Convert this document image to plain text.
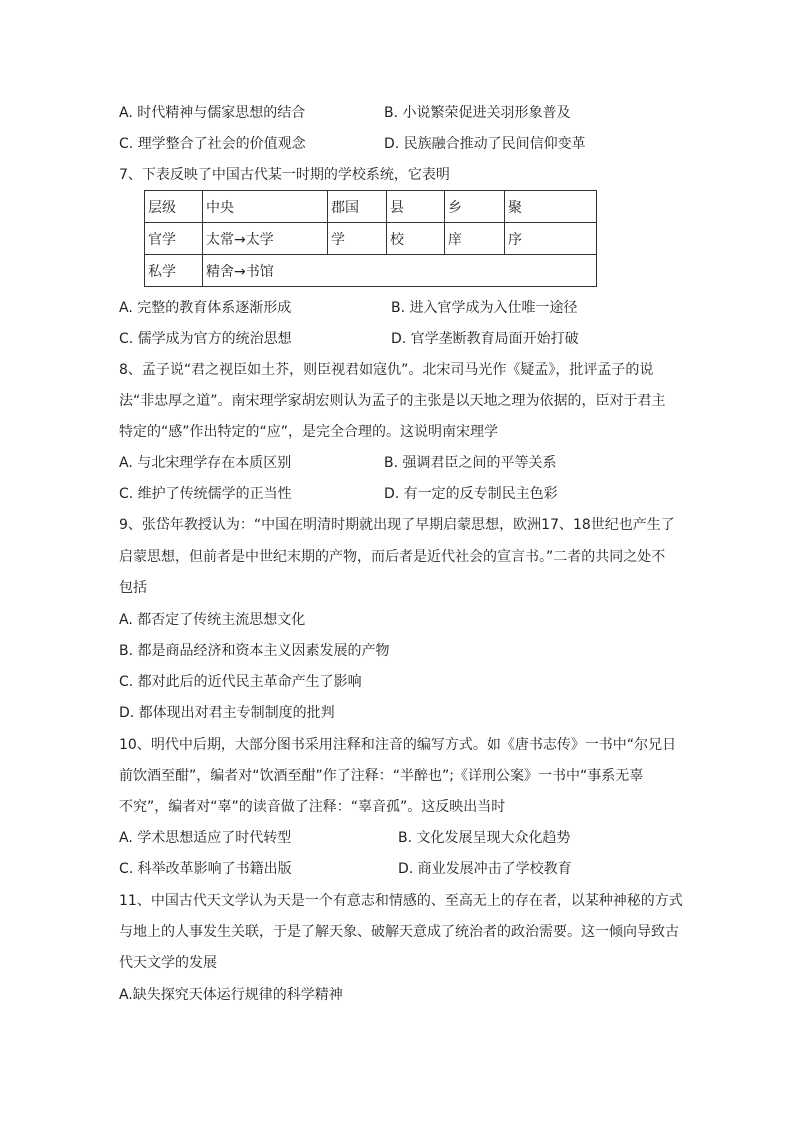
A. 时代精神与儒家思想的结合	B. 小说繁荣促进关羽形象普及
C. 理学整合了社会的价值观念	D. 民族融合推动了民间信仰变革
7、下表反映了中国古代某一时期的学校系统，它表明
层级	中央	郡国	县	乡	聚
官学	太常→太学	学	校	庠	序
私学	精舍→书馆				
A. 完整的教育体系逐渐形成	B. 进入官学成为入仕唯一途径
C. 儒学成为官方的统治思想	D. 官学垄断教育局面开始打破
8、孟子说“君之视臣如土芥，则臣视君如寇仇”。北宋司马光作《疑孟》，批评孟子的说
法“非忠厚之道”。南宋理学家胡宏则认为孟子的主张是以天地之理为依据的，臣对于君主
特定的“感”作出特定的“应”，是完全合理的。这说明南宋理学
A. 与北宋理学存在本质区别	B. 强调君臣之间的平等关系
C. 维护了传统儒学的正当性	D. 有一定的反专制民主色彩
9、张岱年教授认为：“中国在明清时期就出现了早期启蒙思想，欧洲17、18世纪也产生了
启蒙思想，但前者是中世纪末期的产物，而后者是近代社会的宣言书。”二者的共同之处不
包括
A. 都否定了传统主流思想文化
B. 都是商品经济和资本主义因素发展的产物
C. 都对此后的近代民主革命产生了影响
D. 都体现出对君主专制制度的批判
10、明代中后期，大部分图书采用注释和注音的编写方式。如《唐书志传》一书中“尔兄日
前饮酒至酣”，编者对“饮酒至酣”作了注释：“半醉也”;《详刑公案》一书中“事系无辜
不究”，编者对“辜”的读音做了注释：“辜音孤”。这反映出当时
A. 学术思想适应了时代转型	B. 文化发展呈现大众化趋势
C. 科举改革影响了书籍出版	D. 商业发展冲击了学校教育
11、中国古代天文学认为天是一个有意志和情感的、至高无上的存在者，以某种神秘的方式
与地上的人事发生关联，于是了解天象、破解天意成了统治者的政治需要。这一倾向导致古
代天文学的发展
A.缺失探究天体运行规律的科学精神
